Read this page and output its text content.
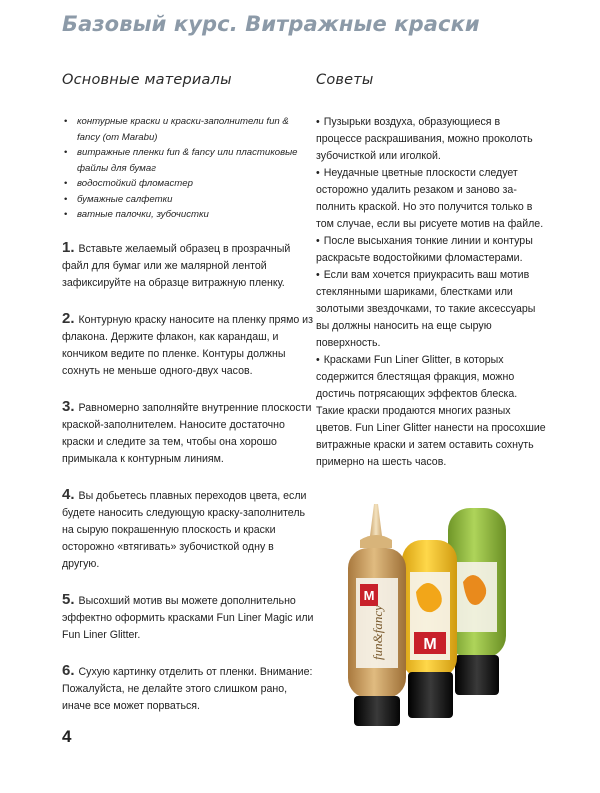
Базовый курс. Витражные краски
Основные материалы
• контурные краски и краски-заполнители fun & fancy (от Marabu)
• витражные пленки fun & fancy или пластиковые файлы для бумаг
• водостойкий фломастер
• бумажные салфетки
• ватные палочки, зубочистки

1. Вставьте желаемый образец в прозрачный файл для бумаг или же малярной лентой зафиксируйте на образце витражную пленку.

2. Контурную краску наносите на пленку прямо из флакона. Держите флакон, как карандаш, и кончиком ведите по пленке. Контуры должны сохнуть не меньше одного-двух часов.

3. Равномерно заполняйте внутренние плоскости краской-заполнителем. Наносите достаточно краски и следите за тем, чтобы она хорошо примыкала к контурным линиям.

4. Вы добьетесь плавных переходов цвета, если будете наносить следующую краску-заполнитель на сырую покрашенную плоскость и краски осторожно «втягивать» зубочисткой одну в другую.

5. Высохший мотив вы можете дополнительно эффектно оформить красками Fun Liner Magic или Fun Liner Glitter.

6. Сухую картинку отделить от пленки. Внимание: Пожалуйста, не делайте этого слишком рано, иначе все может порваться.

Советы
• Пузырьки воздуха, образующиеся в процессе раскрашивания, можно проколоть зубочисткой или иголкой.
• Неудачные цветные плоскости следует осторожно удалить резаком и заново заполнить краской. Но это получится только в том случае, если вы рисуете мотив на файле.
• После высыхания тонкие линии и контуры раскрасьте водостойкими фломастерами.
• Если вам хочется приукрасить ваш мотив стеклянными шариками, блестками или золотыми звездочками, то такие аксессуары вы должны наносить на еще сырую поверхность.
• Красками Fun Liner Glitter, в которых содержится блестящая фракция, можно достичь потрясающих эффектов блеска. Такие краски продаются многих разных цветов. Fun Liner Glitter нанести на просохшие витражные краски и затем оставить сохнуть примерно на шесть часов.
M
M
fun&fancy
4
